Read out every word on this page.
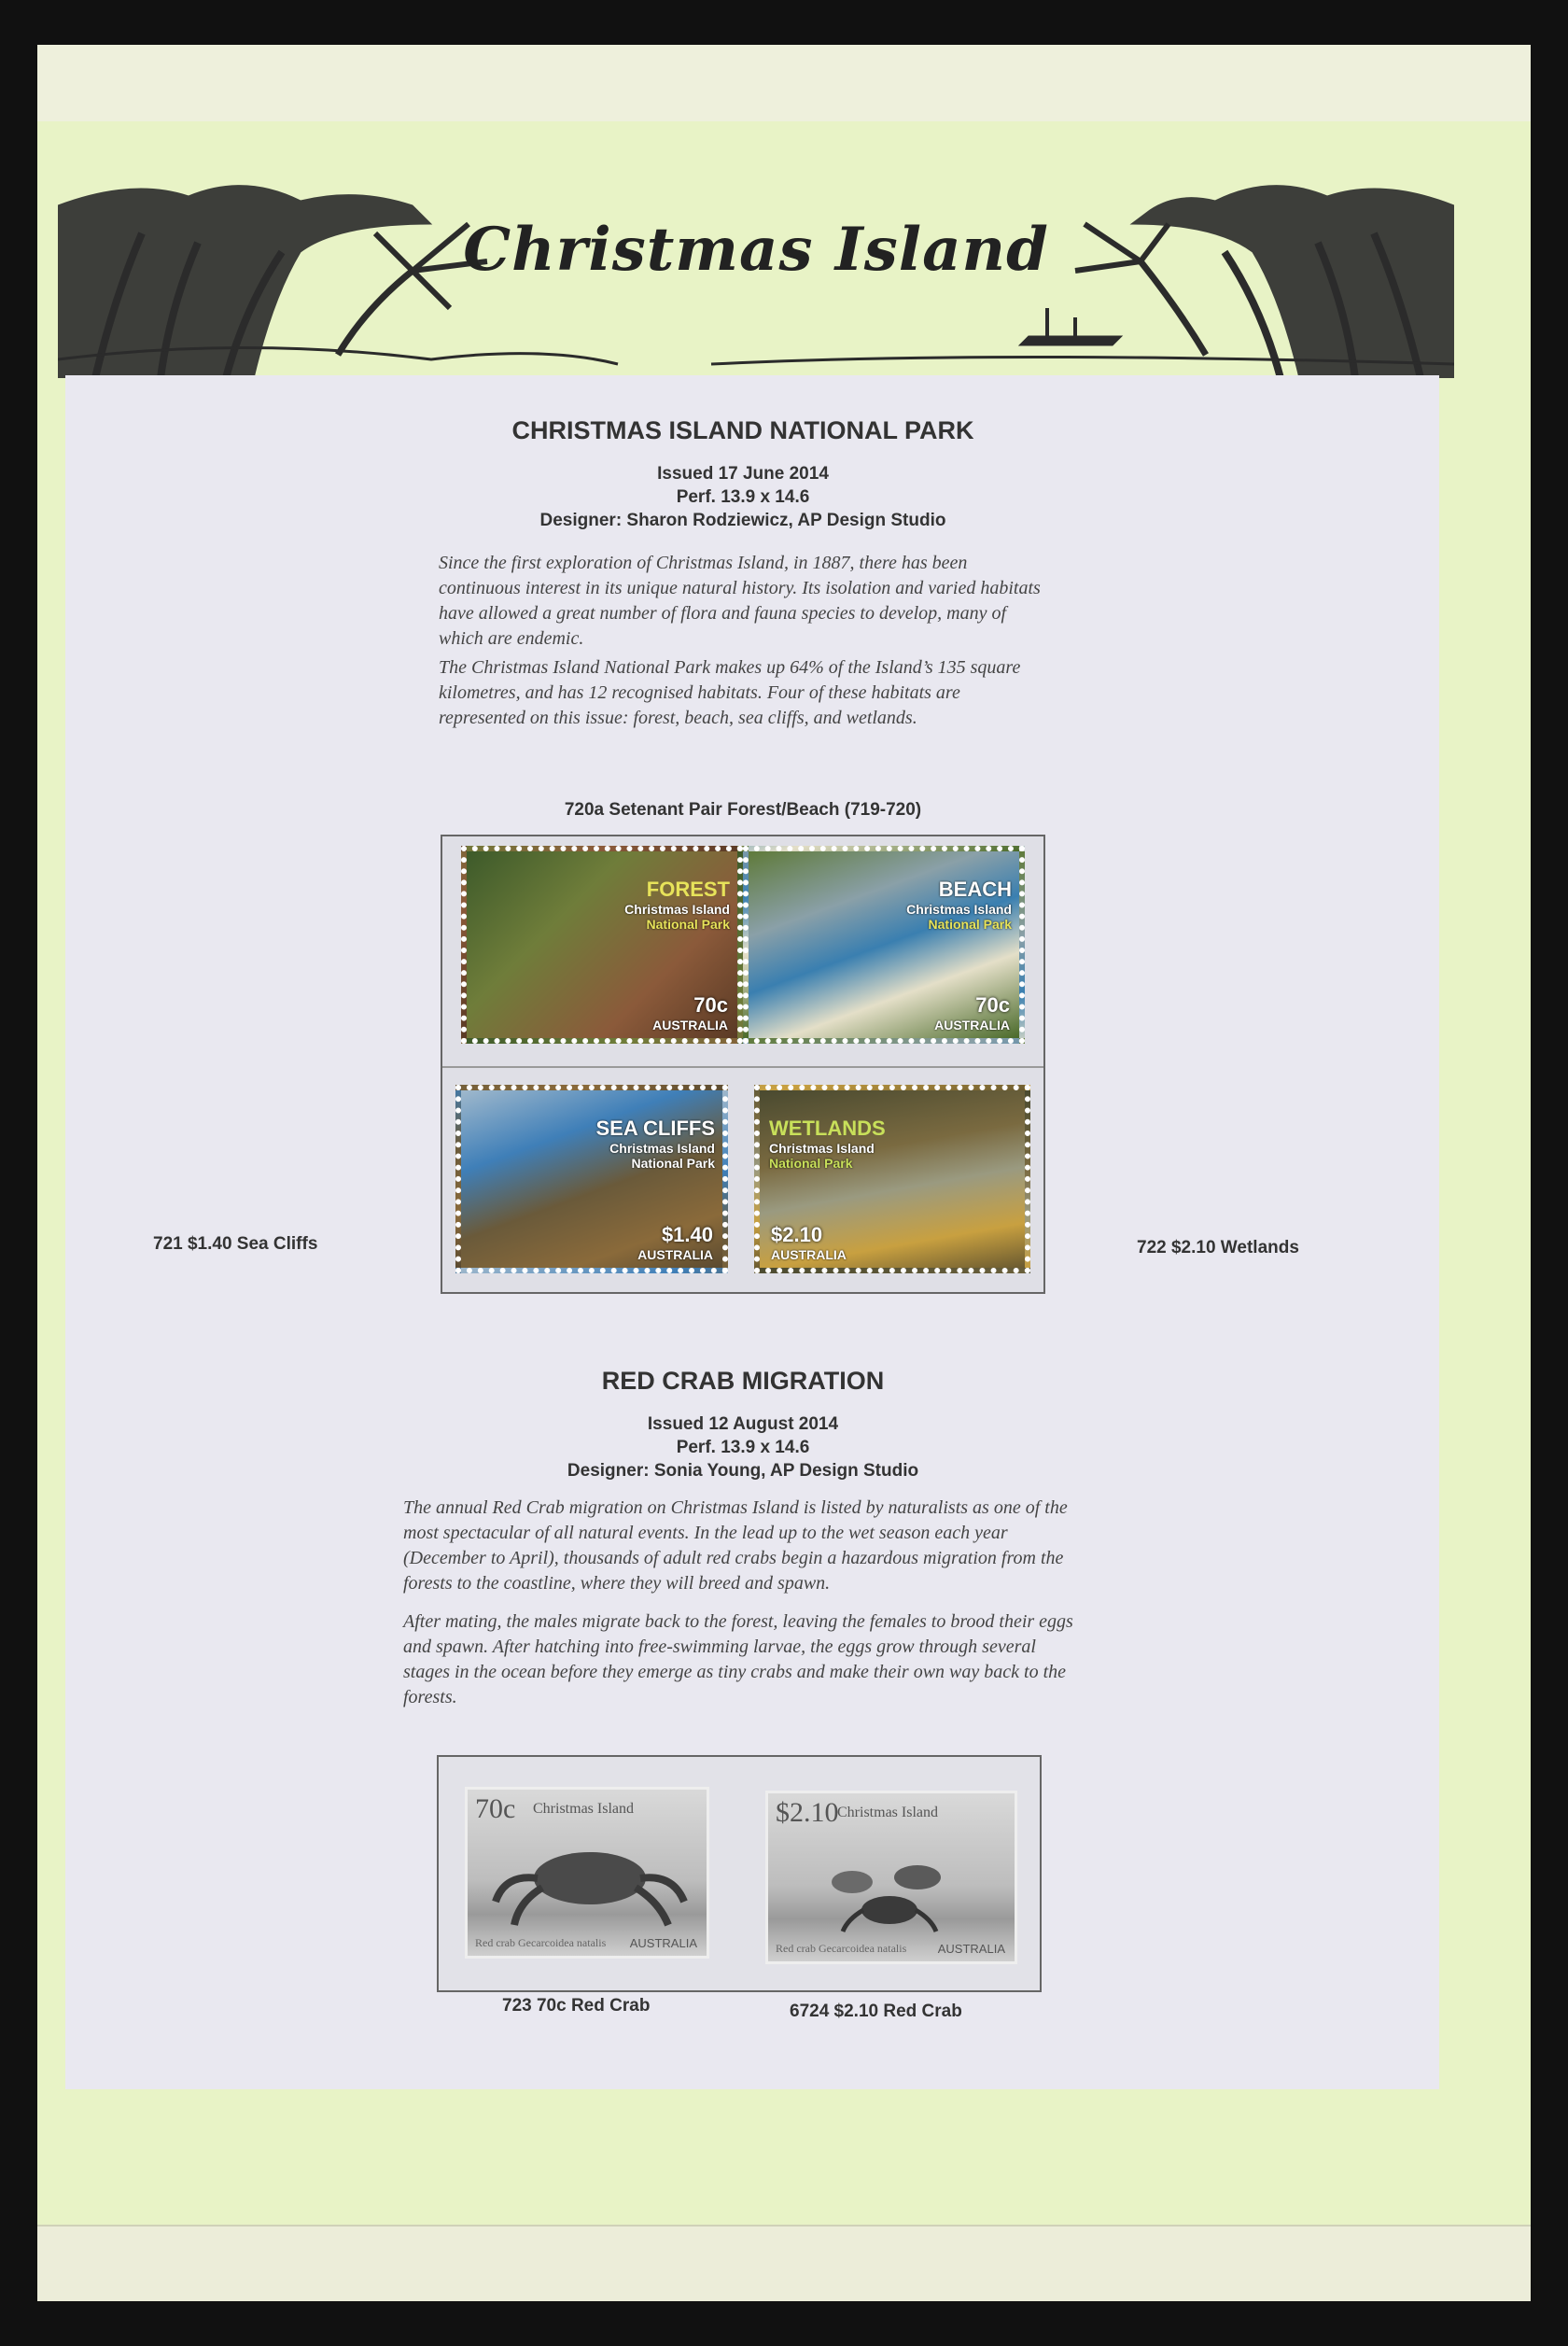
Christmas Island
CHRISTMAS ISLAND NATIONAL PARK

Issued 17 June 2014

Perf. 13.9 x 14.6

Designer: Sharon Rodziewicz, AP Design Studio

Since the first exploration of Christmas Island, in 1887, there has been continuous interest in its unique natural history. Its isolation and varied habitats have allowed a great number of flora and fauna species to develop, many of which are endemic.

The Christmas Island National Park makes up 64% of the Island’s 135 square kilometres, and has 12 recognised habitats. Four of these habitats are represented on this issue: forest, beach, sea cliffs, and wetlands.

720a Setenant Pair Forest/Beach (719-720)

FOREST
Christmas Island
National Park
70c
AUSTRALIA
BEACH
Christmas Island
National Park
70c
AUSTRALIA
SEA CLIFFS
Christmas Island
National Park
$1.40
AUSTRALIA
WETLANDS
Christmas Island
National Park
$2.10
AUSTRALIA

721 $1.40 Sea Cliffs	722 $2.10 Wetlands

RED CRAB MIGRATION

Issued 12 August 2014

Perf. 13.9 x 14.6

Designer: Sonia Young, AP Design Studio

The annual Red Crab migration on Christmas Island is listed by naturalists as one of the most spectacular of all natural events. In the lead up to the wet season each year (December to April), thousands of adult red crabs begin a hazardous migration from the forests to the coastline, where they will breed and spawn.

After mating, the males migrate back to the forest, leaving the females to brood their eggs and spawn. After hatching into free-swimming larvae, the eggs grow through several stages in the ocean before they emerge as tiny crabs and make their own way back to the forests.

70c Christmas Island
Red crab Gecarcoidea natalis AUSTRALIA
$2.10
Christmas Island
Red crab Gecarcoidea natalis	AUSTRALIA

723 70c Red Crab	6724 $2.10 Red Crab
